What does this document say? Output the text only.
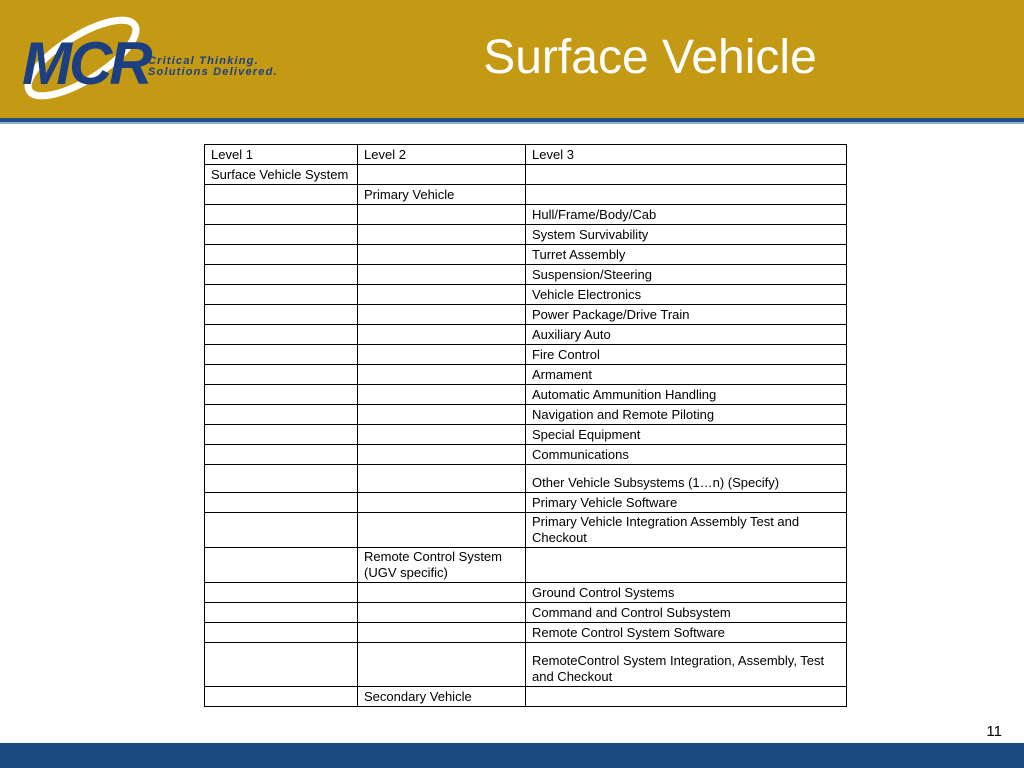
MCR
Critical Thinking.
Solutions Delivered.	Surface Vehicle
Level 1	Level 2	Level 3
Surface Vehicle System		
	Primary Vehicle	
		Hull/Frame/Body/Cab
		System Survivability
		Turret Assembly
		Suspension/Steering
		Vehicle Electronics
		Power Package/Drive Train
		Auxiliary Auto
		Fire Control
		Armament
		Automatic Ammunition Handling
		Navigation and Remote Piloting
		Special Equipment
		Communications
		Other Vehicle Subsystems (1…n) (Specify)
		Primary Vehicle Software
		Primary Vehicle Integration Assembly Test and Checkout
	Remote Control System (UGV specific)	
		Ground Control Systems
		Command and Control Subsystem
		Remote Control System Software
		RemoteControl System Integration, Assembly, Test and Checkout
	Secondary Vehicle	
11
